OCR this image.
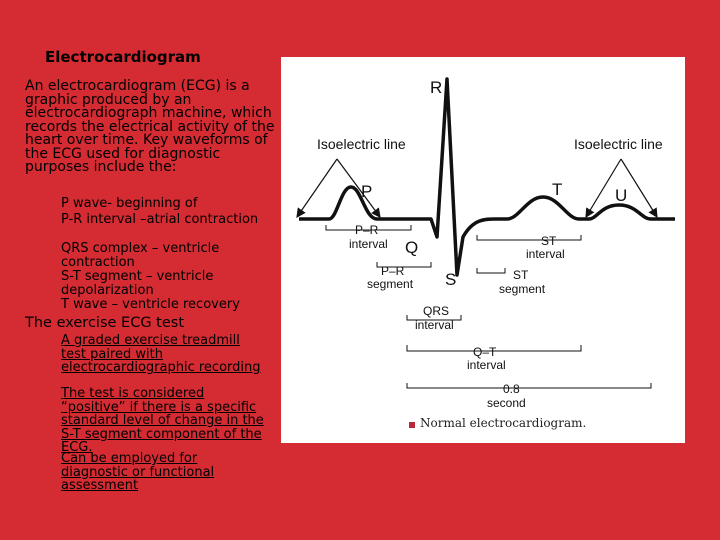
Electrocardiogram

An electrocardiogram (ECG) is a graphic produced by an electrocardiograph machine, which records the electrical activity of the heart over time. Key waveforms of the ECG used for diagnostic purposes include the:

P wave- beginning of

P-R interval –atrial contraction

QRS complex – ventricle contraction

S-T segment – ventricle depolarization

T wave – ventricle recovery

The exercise ECG test

A graded exercise treadmill test paired with electrocardiographic recording

The test is considered “positive” if there is a specific standard level of change in the S-T segment component of the ECG.

Can be employed for diagnostic or functional assessment

Isoelectric line	Isoelectric line
R
P	T	U
Q
S
P–R
interval
P–R
segment
ST
interval
ST
segment
QRS
interval
Q–T
interval
0.8
second
Normal electrocardiogram.
